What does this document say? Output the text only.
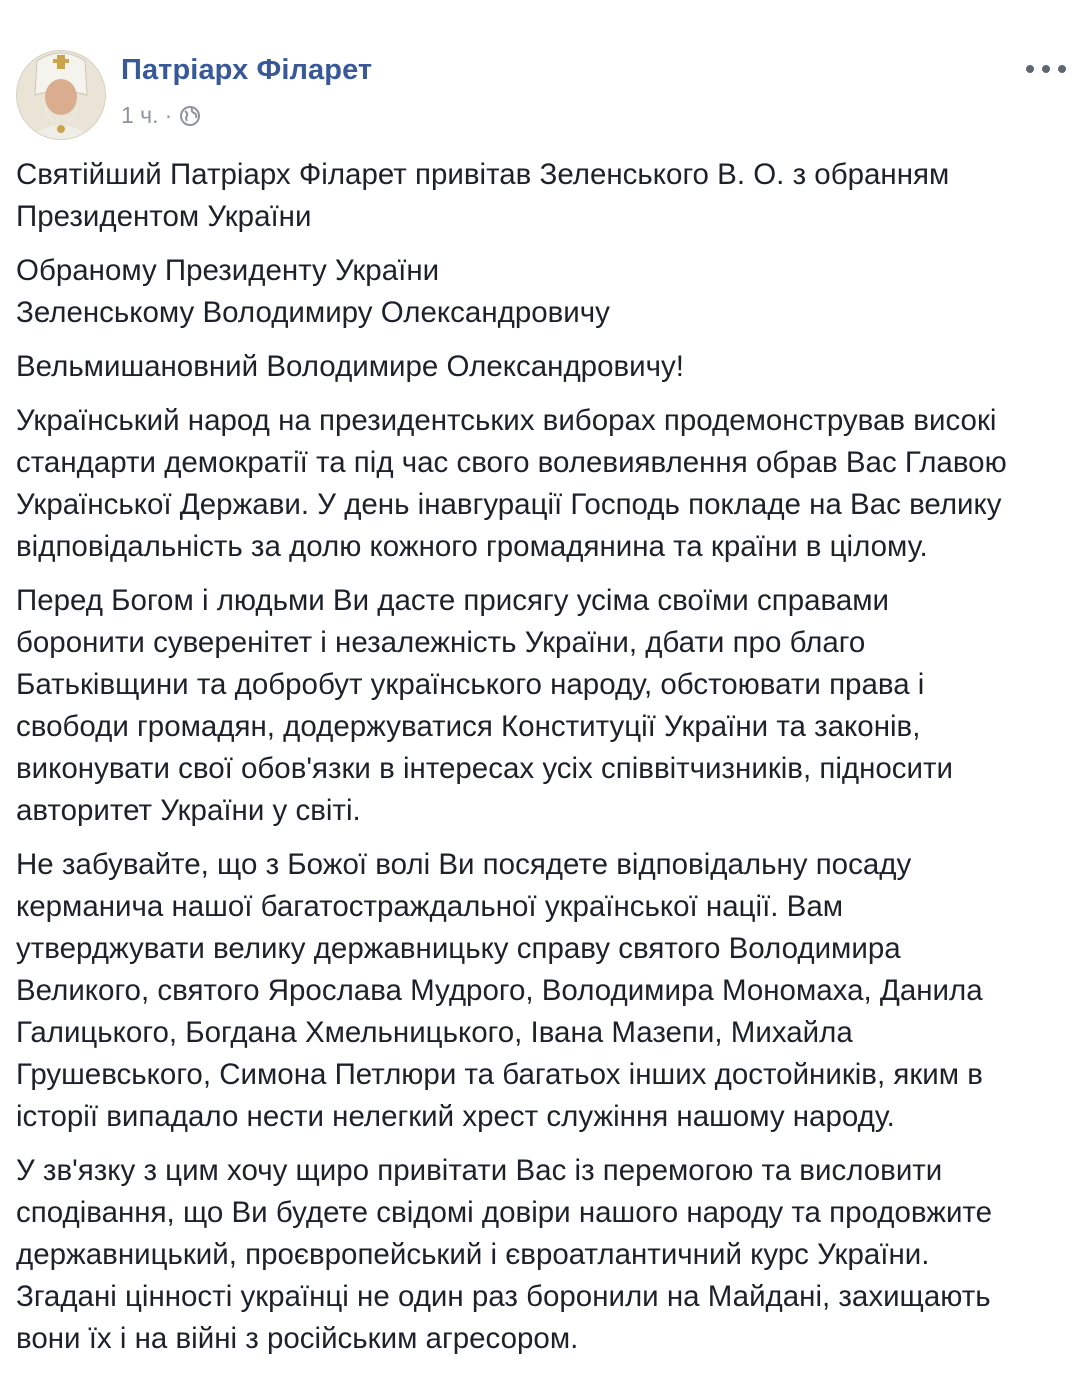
Патріарх Філарет
1 ч. ·

Святійший Патріарх Філарет привітав Зеленського В. О. з обранням
Президентом України

Обраному Президенту України
Зеленському Володимиру Олександровичу

Вельмишановний Володимире Олександровичу!

Український народ на президентських виборах продемонстрував високі
стандарти демократії та під час свого волевиявлення обрав Вас Главою
Української Держави. У день інавгурації Господь покладе на Вас велику
відповідальність за долю кожного громадянина та країни в цілому.

Перед Богом і людьми Ви дасте присягу усіма своїми справами
боронити суверенітет і незалежність України, дбати про благо
Батьківщини та добробут українського народу, обстоювати права і
свободи громадян, додержуватися Конституції України та законів,
виконувати свої обов'язки в інтересах усіх співвітчизників, підносити
авторитет України у світі.

Не забувайте, що з Божої волі Ви посядете відповідальну посаду
керманича нашої багатостраждальної української нації. Вам
утверджувати велику державницьку справу святого Володимира
Великого, святого Ярослава Мудрого, Володимира Мономаха, Данила
Галицького, Богдана Хмельницького, Івана Мазепи, Михайла
Грушевського, Симона Петлюри та багатьох інших достойників, яким в
історії випадало нести нелегкий хрест служіння нашому народу.

У зв'язку з цим хочу щиро привітати Вас із перемогою та висловити
сподівання, що Ви будете свідомі довіри нашого народу та продовжите
державницький, проєвропейський і євроатлантичний курс України.
Згадані цінності українці не один раз боронили на Майдані, захищають
вони їх і на війні з російським агресором.
